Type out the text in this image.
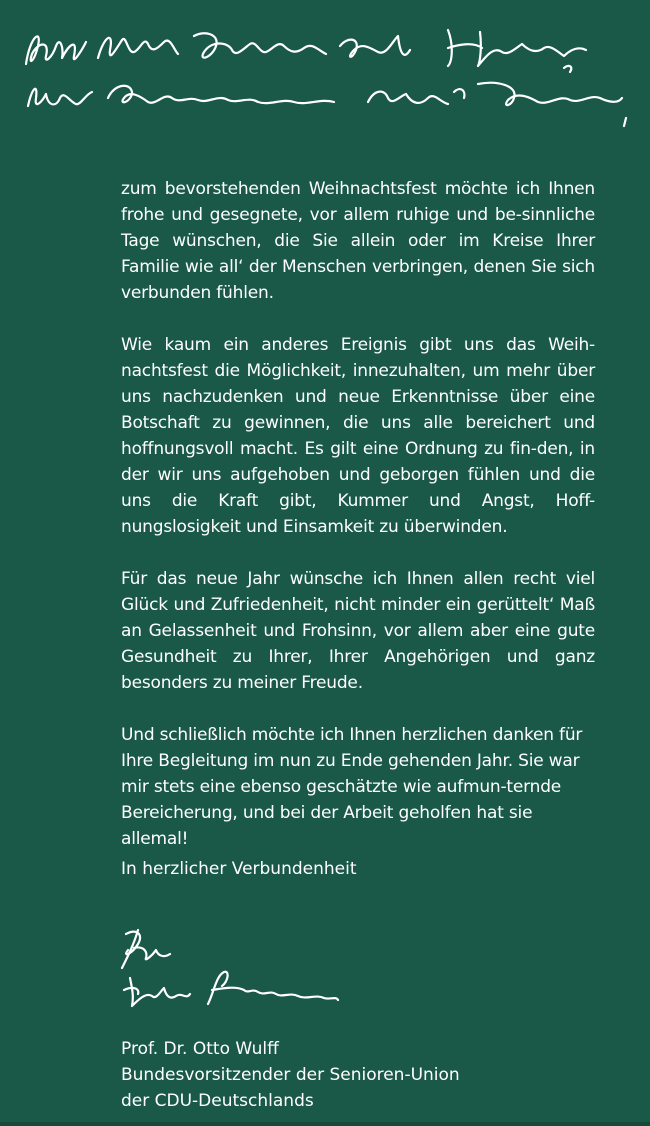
zum bevorstehenden Weihnachtsfest möchte ich Ihnen frohe und gesegnete, vor allem ruhige und be-sinnliche Tage wünschen, die Sie allein oder im Kreise Ihrer Familie wie all‘ der Menschen verbringen, denen Sie sich verbunden fühlen.

Wie kaum ein anderes Ereignis gibt uns das Weih-nachtsfest die Möglichkeit, innezuhalten, um mehr über uns nachzudenken und neue Erkenntnisse über eine Botschaft zu gewinnen, die uns alle bereichert und hoffnungsvoll macht. Es gilt eine Ordnung zu fin-den, in der wir uns aufgehoben und geborgen fühlen und die uns die Kraft gibt, Kummer und Angst, Hoff-nungslosigkeit und Einsamkeit zu überwinden.

Für das neue Jahr wünsche ich Ihnen allen recht viel Glück und Zufriedenheit, nicht minder ein gerüttelt‘ Maß an Gelassenheit und Frohsinn, vor allem aber eine gute Gesundheit zu Ihrer, Ihrer Angehörigen und ganz besonders zu meiner Freude.

Und schließlich möchte ich Ihnen herzlichen danken für Ihre Begleitung im nun zu Ende gehenden Jahr. Sie war mir stets eine ebenso geschätzte wie aufmun-ternde Bereicherung, und bei der Arbeit geholfen hat sie allemal!

In herzlicher Verbundenheit
Prof. Dr. Otto Wulff
Bundesvorsitzender der Senioren-Union
der CDU-Deutschlands
